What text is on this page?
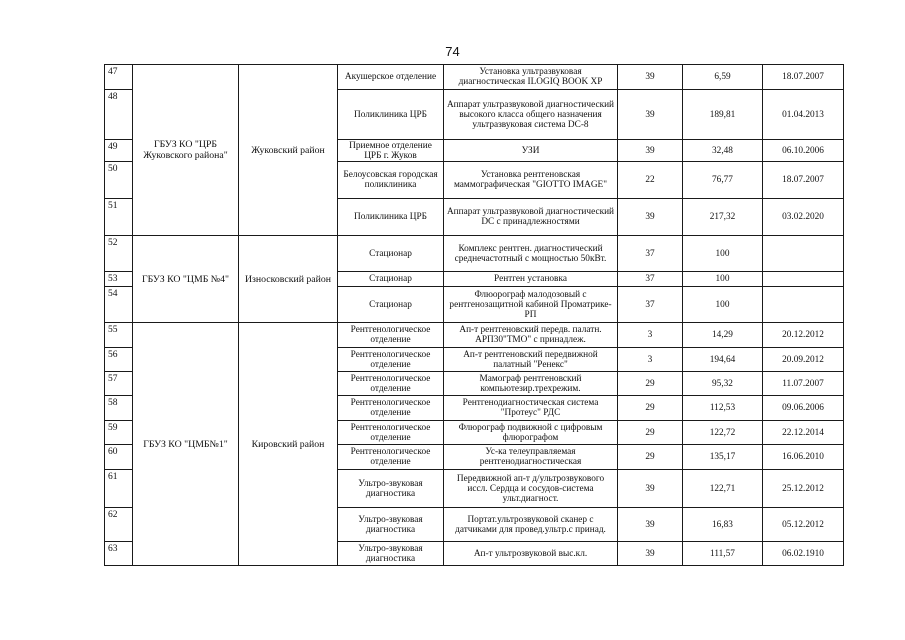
74
47	ГБУЗ КО "ЦРБ Жуковского района"	Жуковский район	Акушерское отделение	Установка ультразвуковая диагностическая ILOGIQ BOOK XP	39	6,59	18.07.2007
48			Поликлиника ЦРБ	Аппарат ультразвуковой диагностический высокого класса общего назначения ультразвуковая система DC-8	39	189,81	01.04.2013
49			Приемное отделение ЦРБ г. Жуков	УЗИ	39	32,48	06.10.2006
50			Белоусовская городская поликлиника	Установка рентгеновская маммографическая "GIOTTO IMAGE"	22	76,77	18.07.2007
51			Поликлиника ЦРБ	Аппарат ультразвуковой диагностический DC с принадлежностями	39	217,32	03.02.2020
52	ГБУЗ КО "ЦМБ №4"	Износковский район	Стационар	Комплекс рентген. диагностический среднечастотный с мощностью 50кВт.	37	100	
53			Стационар	Рентген установка	37	100	
54			Стационар	Флюорограф малодозовый с рентгенозащитной кабиной Проматрике-РП	37	100	
55	ГБУЗ КО "ЦМБ№1"	Кировский район	Рентгенологическое отделение	Ап-т рентгеновский передв. палатн. АРП30"ТМО" с принадлеж.	3	14,29	20.12.2012
56			Рентгенологическое отделение	Ап-т рентгеновский передвижной палатный "Ренекс"	3	194,64	20.09.2012
57			Рентгенологическое отделение	Мамограф рентгеновский компьютезир.трехрежим.	29	95,32	11.07.2007
58			Рентгенологическое отделение	Рентгенодиагностическая система "Протеус" РДС	29	112,53	09.06.2006
59			Рентгенологическое отделение	Флюрограф подвижной с цифровым флюрографом	29	122,72	22.12.2014
60			Рентгенологическое отделение	Ус-ка телеуправляемая рентгенодиагностическая	29	135,17	16.06.2010
61			Ультро-звуковая диагностика	Передвижной ап-т д/ультрозвукового иссл. Сердца и сосудов-система ульт.диагност.	39	122,71	25.12.2012
62			Ультро-звуковая диагностика	Портат.ультрозвуковой сканер с датчиками для провед.ультр.с принад.	39	16,83	05.12.2012
63			Ультро-звуковая диагностика	Ап-т ультрозвуковой выс.кл.	39	111,57	06.02.1910
